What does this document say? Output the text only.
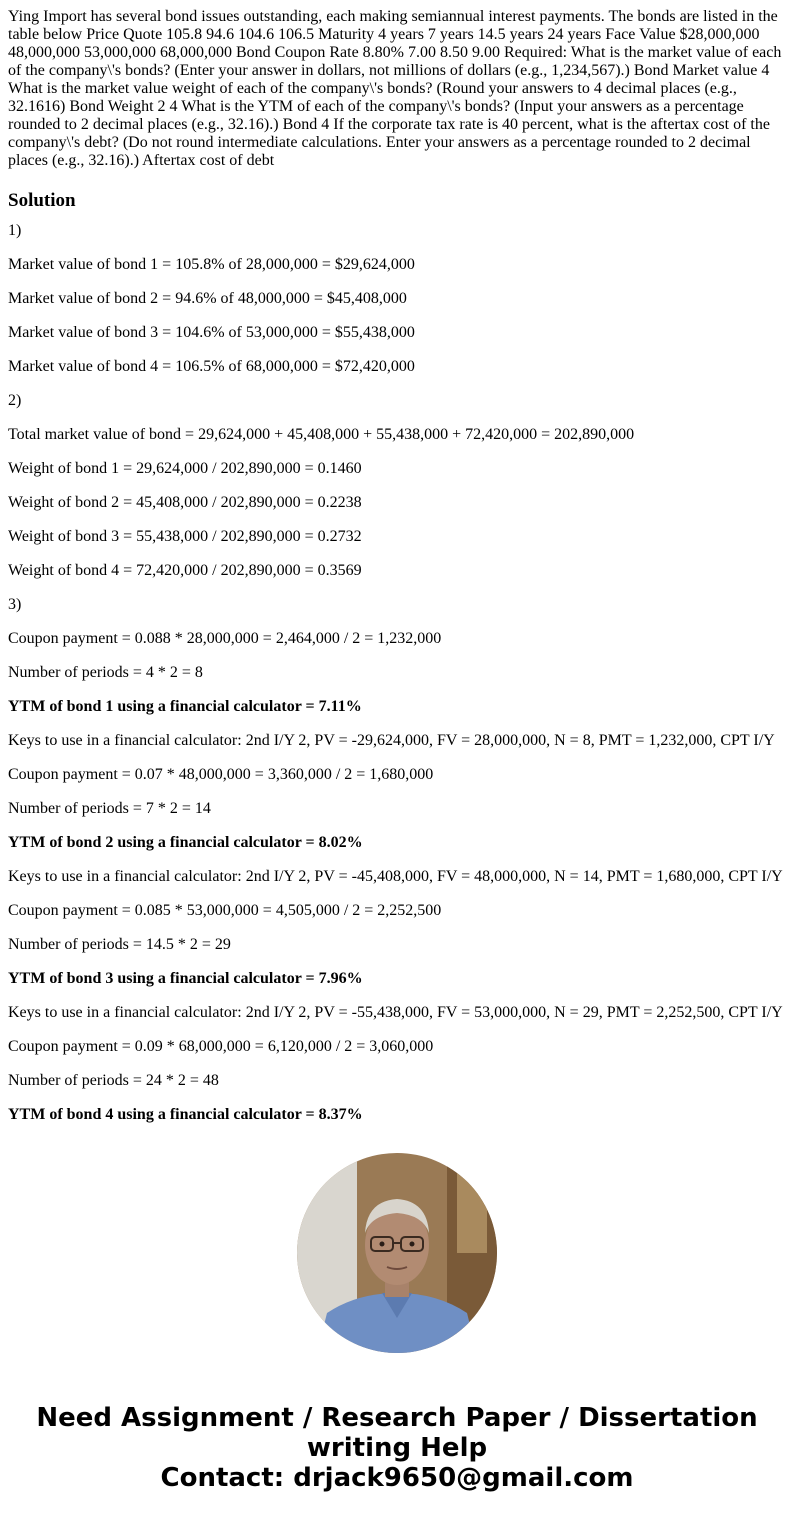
Ying Import has several bond issues outstanding, each making semiannual interest payments. The bonds are listed in the table below Price Quote 105.8 94.6 104.6 106.5 Maturity 4 years 7 years 14.5 years 24 years Face Value $28,000,000 48,000,000 53,000,000 68,000,000 Bond Coupon Rate 8.80% 7.00 8.50 9.00 Required: What is the market value of each of the company\'s bonds? (Enter your answer in dollars, not millions of dollars (e.g., 1,234,567).) Bond Market value 4 What is the market value weight of each of the company\'s bonds? (Round your answers to 4 decimal places (e.g., 32.1616) Bond Weight 2 4 What is the YTM of each of the company\'s bonds? (Input your answers as a percentage rounded to 2 decimal places (e.g., 32.16).) Bond 4 If the corporate tax rate is 40 percent, what is the aftertax cost of the company\'s debt? (Do not round intermediate calculations. Enter your answers as a percentage rounded to 2 decimal places (e.g., 32.16).) Aftertax cost of debt
Solution
1)
Market value of bond 1 = 105.8% of 28,000,000 = $29,624,000
Market value of bond 2 = 94.6% of 48,000,000 = $45,408,000
Market value of bond 3 = 104.6% of 53,000,000 = $55,438,000
Market value of bond 4 = 106.5% of 68,000,000 = $72,420,000
2)
Total market value of bond = 29,624,000 + 45,408,000 + 55,438,000 + 72,420,000 = 202,890,000
Weight of bond 1 = 29,624,000 / 202,890,000 = 0.1460
Weight of bond 2 = 45,408,000 / 202,890,000 = 0.2238
Weight of bond 3 = 55,438,000 / 202,890,000 = 0.2732
Weight of bond 4 = 72,420,000 / 202,890,000 = 0.3569
3)
Coupon payment = 0.088 * 28,000,000 = 2,464,000 / 2 = 1,232,000
Number of periods = 4 * 2 = 8
YTM of bond 1 using a financial calculator = 7.11%
Keys to use in a financial calculator: 2nd I/Y 2, PV = -29,624,000, FV = 28,000,000, N = 8, PMT = 1,232,000, CPT I/Y
Coupon payment = 0.07 * 48,000,000 = 3,360,000 / 2 = 1,680,000
Number of periods = 7 * 2 = 14
YTM of bond 2 using a financial calculator = 8.02%
Keys to use in a financial calculator: 2nd I/Y 2, PV = -45,408,000, FV = 48,000,000, N = 14, PMT = 1,680,000, CPT I/Y
Coupon payment = 0.085 * 53,000,000 = 4,505,000 / 2 = 2,252,500
Number of periods = 14.5 * 2 = 29
YTM of bond 3 using a financial calculator = 7.96%
Keys to use in a financial calculator: 2nd I/Y 2, PV = -55,438,000, FV = 53,000,000, N = 29, PMT = 2,252,500, CPT I/Y
Coupon payment = 0.09 * 68,000,000 = 6,120,000 / 2 = 3,060,000
Number of periods = 24 * 2 = 48
YTM of bond 4 using a financial calculator = 8.37%
Need Assignment / Research Paper / Dissertation
writing Help
Contact: drjack9650@gmail.com
